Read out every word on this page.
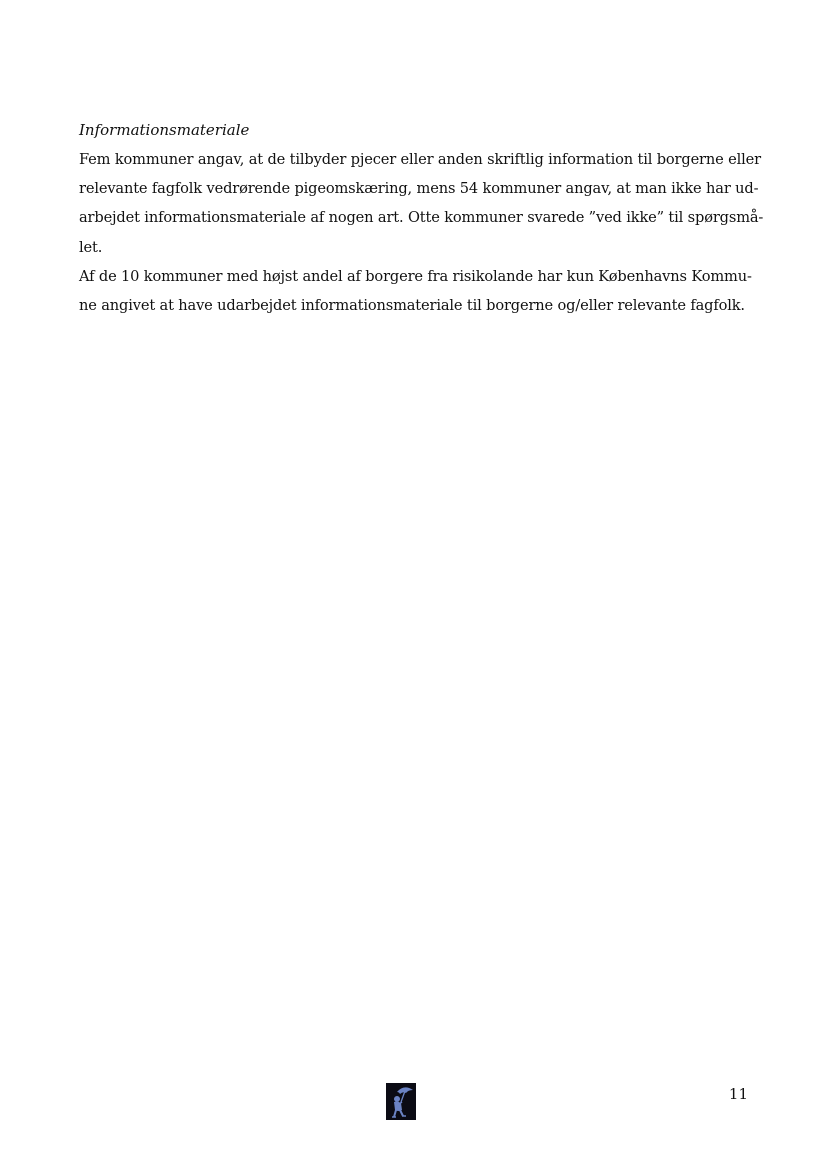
Informationsmateriale

Fem kommuner angav, at de tilbyder pjecer eller anden skriftlig information til borgerne eller

relevante fagfolk vedrørende pigeomskæring, mens 54 kommuner angav, at man ikke har ud-

arbejdet informationsmateriale af nogen art. Otte kommuner svarede ”ved ikke” til spørgsmå-

let.

Af de 10 kommuner med højst andel af borgere fra risikolande har kun Københavns Kommu-

ne angivet at have udarbejdet informationsmateriale til borgerne og/eller relevante fagfolk.

11
